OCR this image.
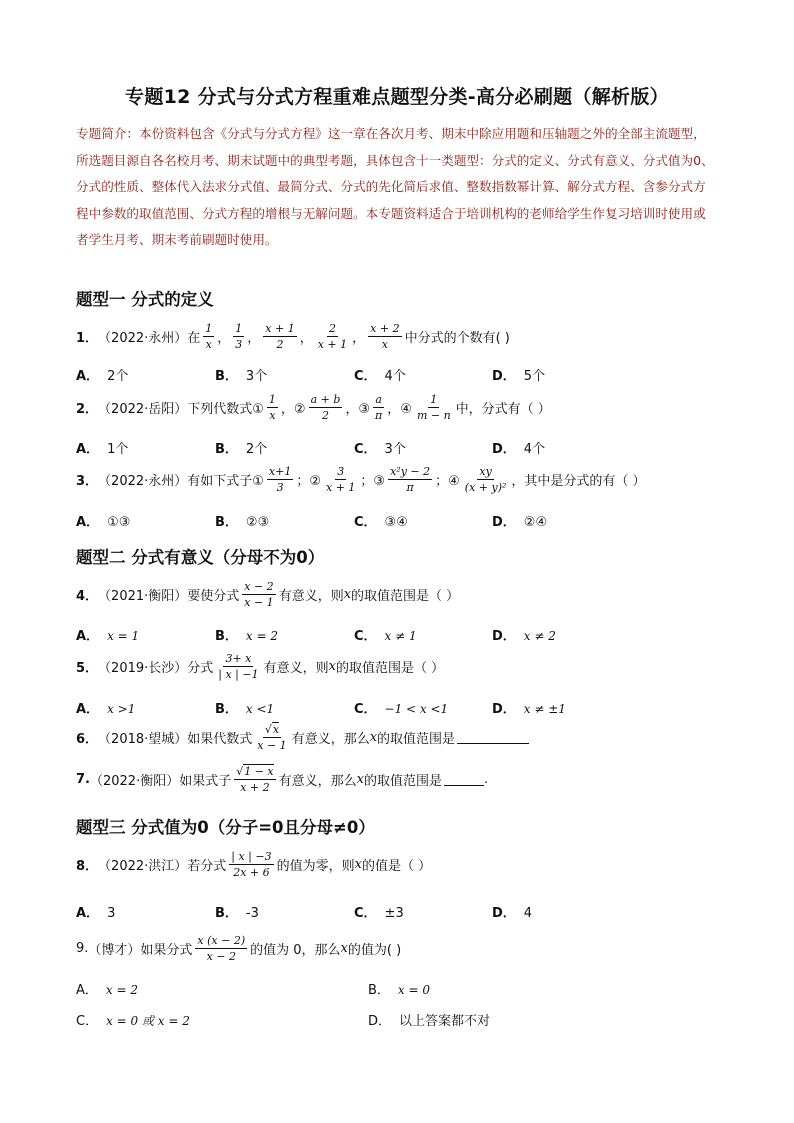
专题12 分式与分式方程重难点题型分类-高分必刷题（解析版）
专题简介：本份资料包含《分式与分式方程》这一章在各次月考、期末中除应用题和压轴题之外的全部主流题型，所选题目源自各名校月考、期末试题中的典型考题，具体包含十一类题型：分式的定义、分式有意义、分式值为0、分式的性质、整体代入法求分式值、最简分式、分式的先化简后求值、整数指数幂计算、解分式方程、含参分式方程中参数的取值范围、分式方程的增根与无解问题。本专题资料适合于培训机构的老师给学生作复习培训时使用或者学生月考、期末考前刷题时使用。
题型一 分式的定义
1． （2022·永州）在 $\frac{1}{x}$ ， $\frac{1}{3}$ ， $\frac{x + 1}{2}$ ， $\frac{2}{x + 1}$ ， $\frac{x + 2}{x}$ 中分式的个数有( )
A． 2个	B． 3个	C． 4个	D． 5个
2． （2022·岳阳）下列代数式① $\frac{1}{x}$ ，② $\frac{a + b}{2}$ ，③ $\frac{a}{\pi}$ ，④ $\frac{1}{m - n}$ 中，分式有（ ）
A． 1个	B． 2个	C． 3个	D． 4个
3． （2022·永州）有如下式子① $\frac{x+1}{3}$ ；② $\frac{3}{x + 1}$ ；③ $\frac{\text{x²y − 2}}{\pi}$ ；④ $\frac{xy}{\text{(x + y)²}}$ ，其中是分式的有（ ）
A． ①③	B． ②③	C． ③④	D． ②④
题型二 分式有意义（分母不为0）
4． （2021·衡阳）要使分式 $\frac{x - 2}{x - 1}$ 有意义，则 x 的取值范围是（ ）
A． x = 1	B． x = 2	C． x ≠ 1	D． x ≠ 2
5． （2019·长沙）分式 $\frac{3+ x}{| x | -1}$ 有意义，则 x 的取值范围是（ ）
A． x >1	B． x <1	C． −1 < x <1	D． x ≠ ±1
6． （2018·望城）如果代数式 $\frac{√x}{x - 1}$ 有意义，那么 x 的取值范围是
7. （2022·衡阳）如果式子 $\frac{√1 - x}{x + 2}$ 有意义，那么 x 的取值范围是	.
题型三 分式值为0（分子=0且分母≠0）
8． （2022·洪江）若分式 $\frac{| x | -3}{2x + 6}$ 的值为零，则 x 的值是（ ）
A． 3	B． -3	C． ±3	D． 4
9. （博才）如果分式 $\frac{x (x - 2)}{x - 2}$ 的值为 0，那么 x 的值为( )
A． x = 2	B． x = 0
C． x = 0 或 x = 2	D． 以上答案都不对
